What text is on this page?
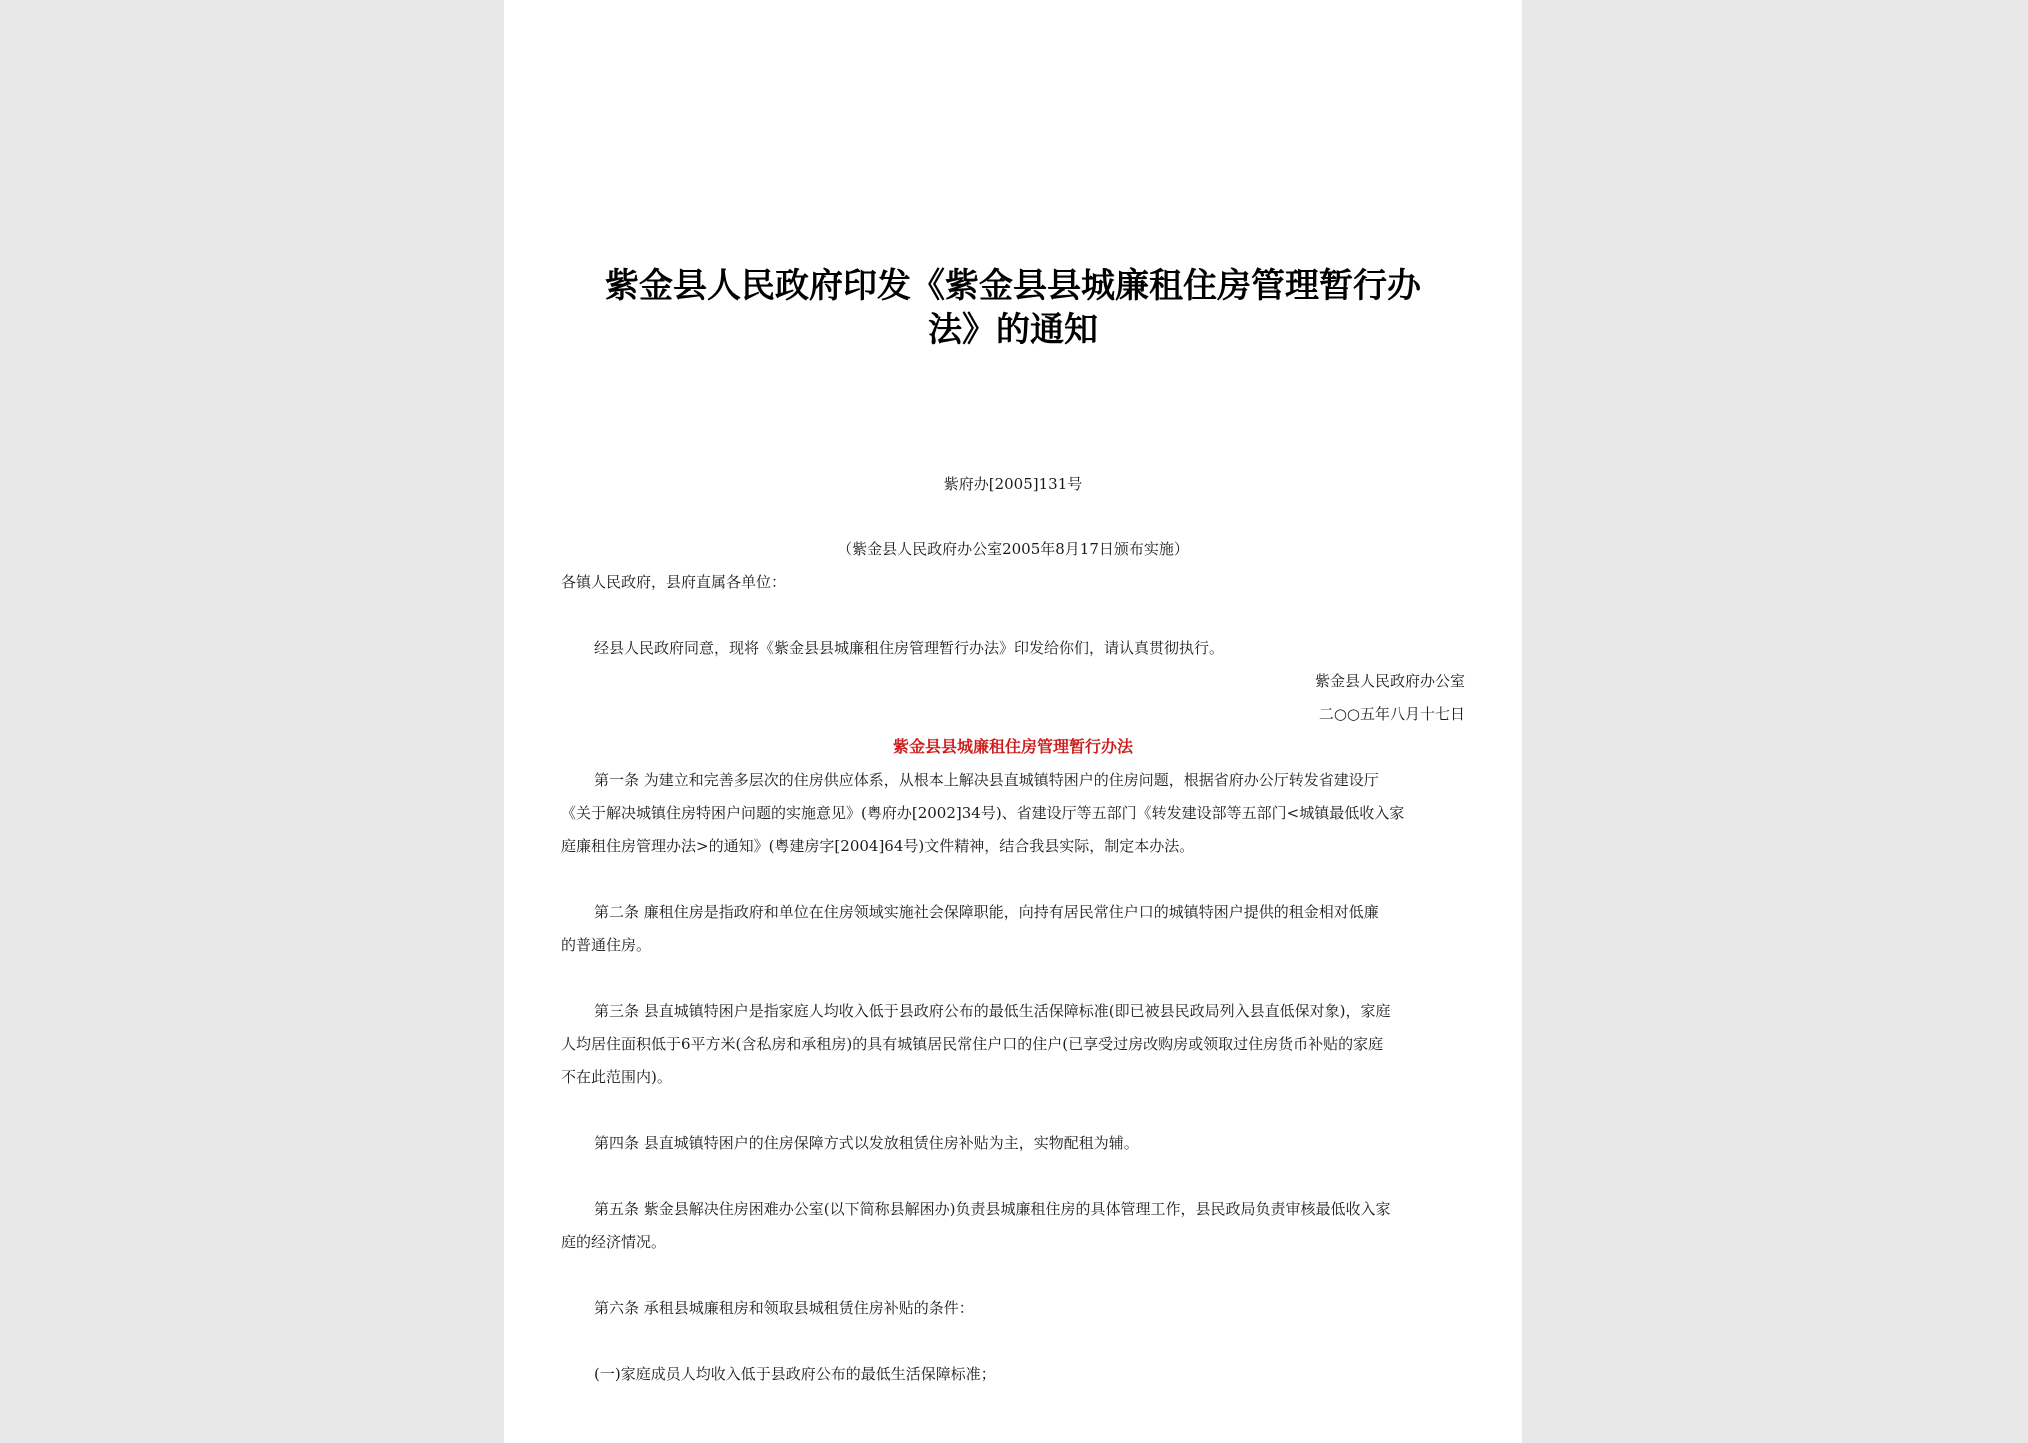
紫金县人民政府印发《紫金县县城廉租住房管理暂行办
法》的通知
紫府办[2005]131号
（紫金县人民政府办公室2005年8月17日颁布实施）
各镇人民政府，县府直属各单位：
经县人民政府同意，现将《紫金县县城廉租住房管理暂行办法》印发给你们，请认真贯彻执行。
紫金县人民政府办公室
二○○五年八月十七日
紫金县县城廉租住房管理暂行办法
第一条 为建立和完善多层次的住房供应体系，从根本上解决县直城镇特困户的住房问题，根据省府办公厅转发省建设厅
《关于解决城镇住房特困户问题的实施意见》(粤府办[2002]34号)、省建设厅等五部门《转发建设部等五部门<城镇最低收入家
庭廉租住房管理办法>的通知》(粤建房字[2004]64号)文件精神，结合我县实际，制定本办法。
第二条 廉租住房是指政府和单位在住房领域实施社会保障职能，向持有居民常住户口的城镇特困户提供的租金相对低廉
的普通住房。
第三条 县直城镇特困户是指家庭人均收入低于县政府公布的最低生活保障标准(即已被县民政局列入县直低保对象)，家庭
人均居住面积低于6平方米(含私房和承租房)的具有城镇居民常住户口的住户(已享受过房改购房或领取过住房货币补贴的家庭
不在此范围内)。
第四条 县直城镇特困户的住房保障方式以发放租赁住房补贴为主，实物配租为辅。
第五条 紫金县解决住房困难办公室(以下简称县解困办)负责县城廉租住房的具体管理工作，县民政局负责审核最低收入家
庭的经济情况。
第六条 承租县城廉租房和领取县城租赁住房补贴的条件：
(一)家庭成员人均收入低于县政府公布的最低生活保障标准；
